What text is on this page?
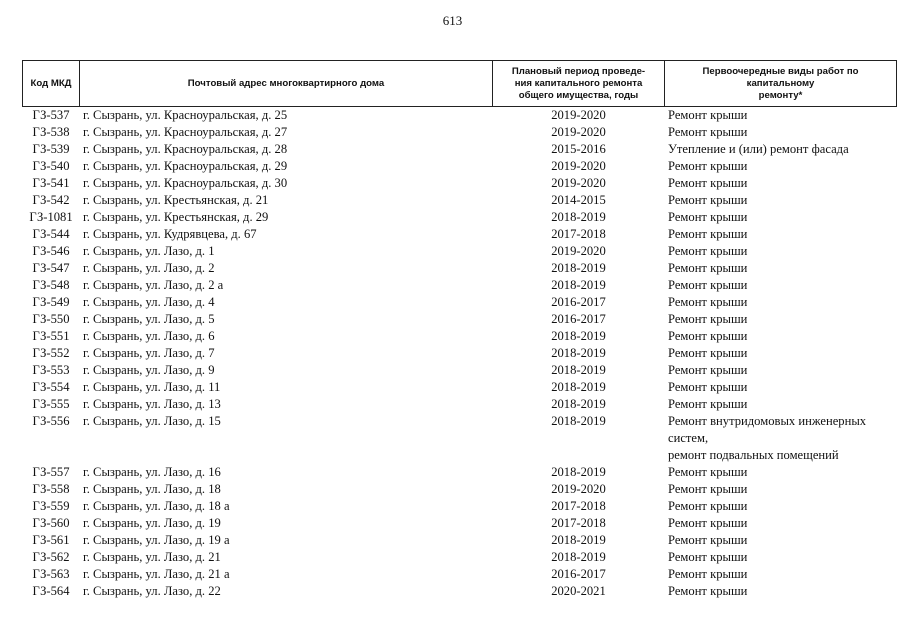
613
Код МКД	Почтовый адрес многоквартирного дома	Плановый период проведе-
ния капитального ремонта
общего имущества, годы	Первоочередные виды работ по капитальному
ремонту*
ГЗ-537	г. Сызрань, ул. Красноуральская, д. 25	2019-2020	Ремонт крыши
ГЗ-538	г. Сызрань, ул. Красноуральская, д. 27	2019-2020	Ремонт крыши
ГЗ-539	г. Сызрань, ул. Красноуральская, д. 28	2015-2016	Утепление и (или) ремонт фасада
ГЗ-540	г. Сызрань, ул. Красноуральская, д. 29	2019-2020	Ремонт крыши
ГЗ-541	г. Сызрань, ул. Красноуральская, д. 30	2019-2020	Ремонт крыши
ГЗ-542	г. Сызрань, ул. Крестьянская, д. 21	2014-2015	Ремонт крыши
ГЗ-1081	г. Сызрань, ул. Крестьянская, д. 29	2018-2019	Ремонт крыши
ГЗ-544	г. Сызрань, ул. Кудрявцева, д. 67	2017-2018	Ремонт крыши
ГЗ-546	г. Сызрань, ул. Лазо, д. 1	2019-2020	Ремонт крыши
ГЗ-547	г. Сызрань, ул. Лазо, д. 2	2018-2019	Ремонт крыши
ГЗ-548	г. Сызрань, ул. Лазо, д. 2 а	2018-2019	Ремонт крыши
ГЗ-549	г. Сызрань, ул. Лазо, д. 4	2016-2017	Ремонт крыши
ГЗ-550	г. Сызрань, ул. Лазо, д. 5	2016-2017	Ремонт крыши
ГЗ-551	г. Сызрань, ул. Лазо, д. 6	2018-2019	Ремонт крыши
ГЗ-552	г. Сызрань, ул. Лазо, д. 7	2018-2019	Ремонт крыши
ГЗ-553	г. Сызрань, ул. Лазо, д. 9	2018-2019	Ремонт крыши
ГЗ-554	г. Сызрань, ул. Лазо, д. 11	2018-2019	Ремонт крыши
ГЗ-555	г. Сызрань, ул. Лазо, д. 13	2018-2019	Ремонт крыши
ГЗ-556	г. Сызрань, ул. Лазо, д. 15	2018-2019	Ремонт внутридомовых инженерных систем,
ремонт подвальных помещений
ГЗ-557	г. Сызрань, ул. Лазо, д. 16	2018-2019	Ремонт крыши
ГЗ-558	г. Сызрань, ул. Лазо, д. 18	2019-2020	Ремонт крыши
ГЗ-559	г. Сызрань, ул. Лазо, д. 18 а	2017-2018	Ремонт крыши
ГЗ-560	г. Сызрань, ул. Лазо, д. 19	2017-2018	Ремонт крыши
ГЗ-561	г. Сызрань, ул. Лазо, д. 19 а	2018-2019	Ремонт крыши
ГЗ-562	г. Сызрань, ул. Лазо, д. 21	2018-2019	Ремонт крыши
ГЗ-563	г. Сызрань, ул. Лазо, д. 21 а	2016-2017	Ремонт крыши
ГЗ-564	г. Сызрань, ул. Лазо, д. 22	2020-2021	Ремонт крыши
